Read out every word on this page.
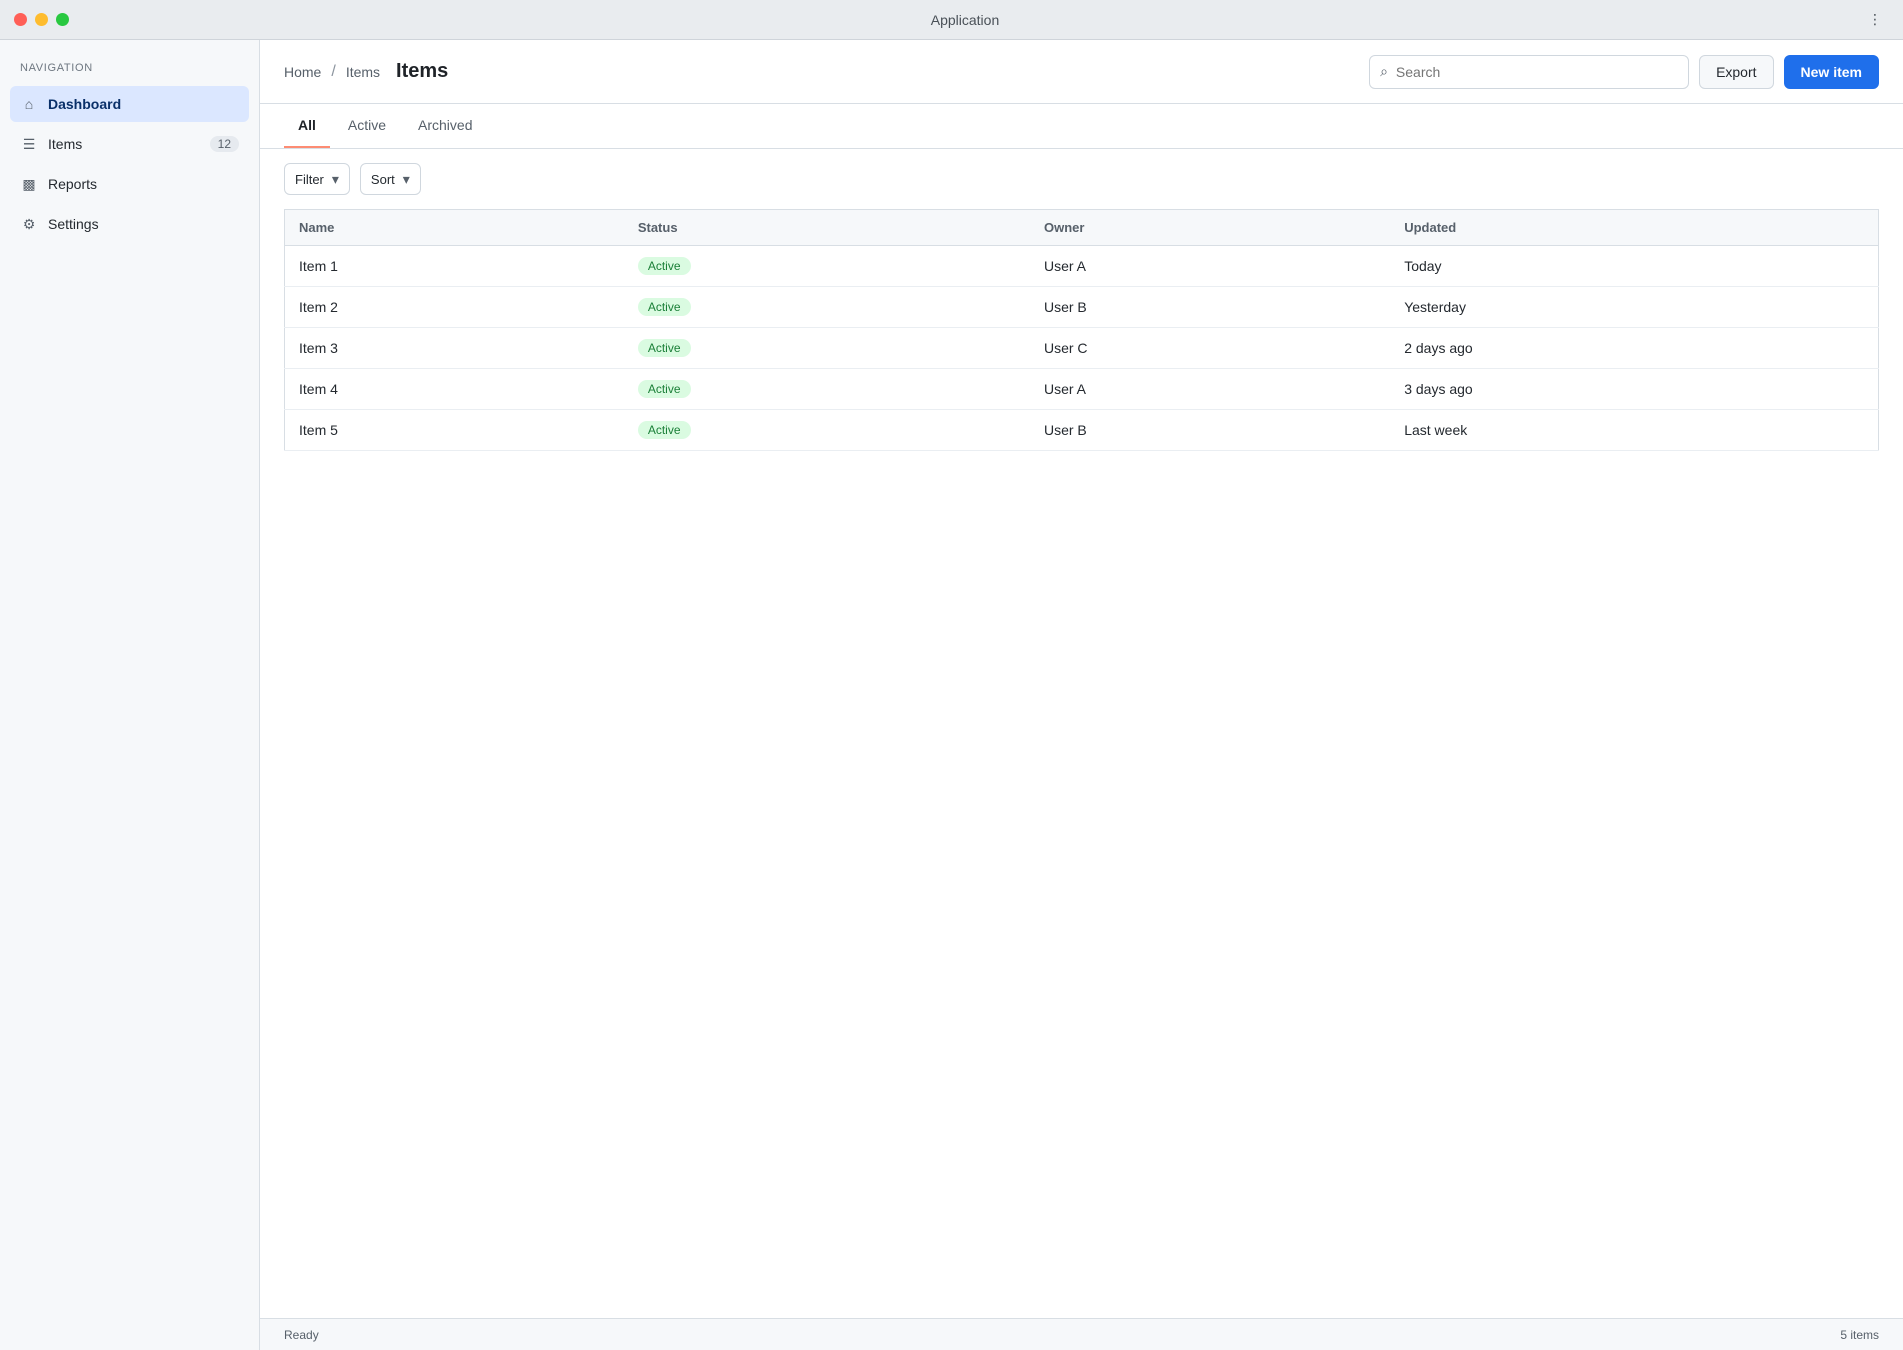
Application	⋮
NAVIGATION
⌂	Dashboard
☰ Items	12
▩ Reports
⚙ Settings
Home / Items Items	⌕
Search	Export	New item
All	Active	Archived
Filter ▾ Sort ▾
Name	Status	Owner	Updated
Item 1	Active	User A	Today
Item 2	Active	User B	Yesterday
Item 3	Active	User C	2 days ago
Item 4	Active	User A	3 days ago
Item 5	Active	User B	Last week
Ready	5 items
